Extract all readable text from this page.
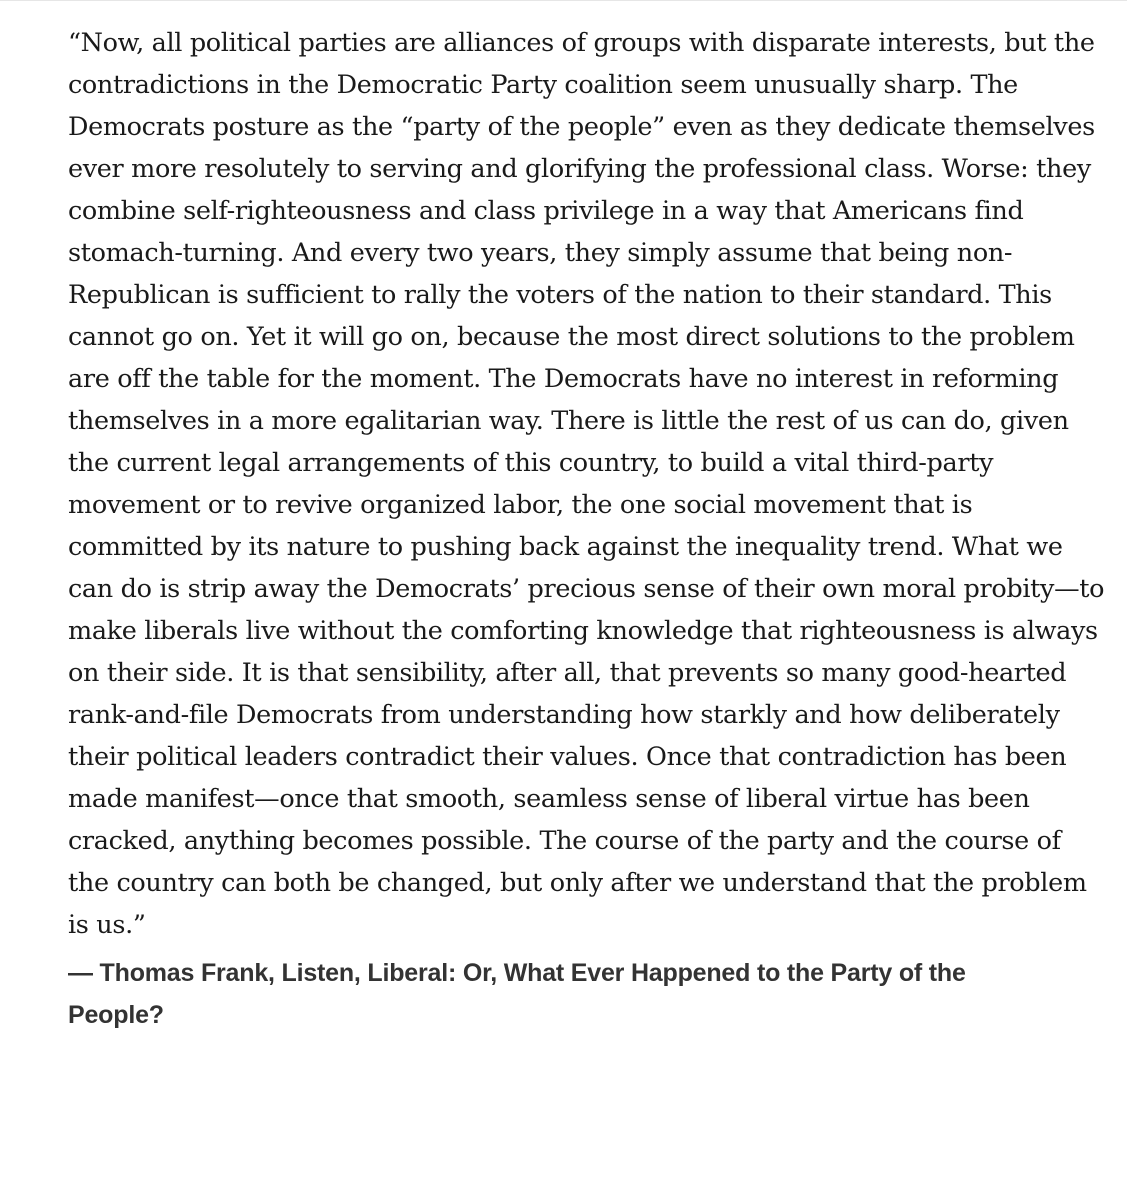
“Now, all political parties are alliances of groups with disparate interests, but the contradictions in the Democratic Party coalition seem unusually sharp. The Democrats posture as the “party of the people” even as they dedicate themselves ever more resolutely to serving and glorifying the professional class. Worse: they combine self-righteousness and class privilege in a way that Americans find stomach-turning. And every two years, they simply assume that being non-Republican is sufficient to rally the voters of the nation to their standard. This cannot go on. Yet it will go on, because the most direct solutions to the problem are off the table for the moment. The Democrats have no interest in reforming themselves in a more egalitarian way. There is little the rest of us can do, given the current legal arrangements of this country, to build a vital third-party movement or to revive organized labor, the one social movement that is committed by its nature to pushing back against the inequality trend. What we can do is strip away the Democrats’ precious sense of their own moral probity—to make liberals live without the comforting knowledge that righteousness is always on their side. It is that sensibility, after all, that prevents so many good-hearted rank-and-file Democrats from understanding how starkly and how deliberately their political leaders contradict their values. Once that contradiction has been made manifest—once that smooth, seamless sense of liberal virtue has been cracked, anything becomes possible. The course of the party and the course of the country can both be changed, but only after we understand that the problem is us.”

― Thomas Frank, Listen, Liberal: Or, What Ever Happened to the Party of the People?
